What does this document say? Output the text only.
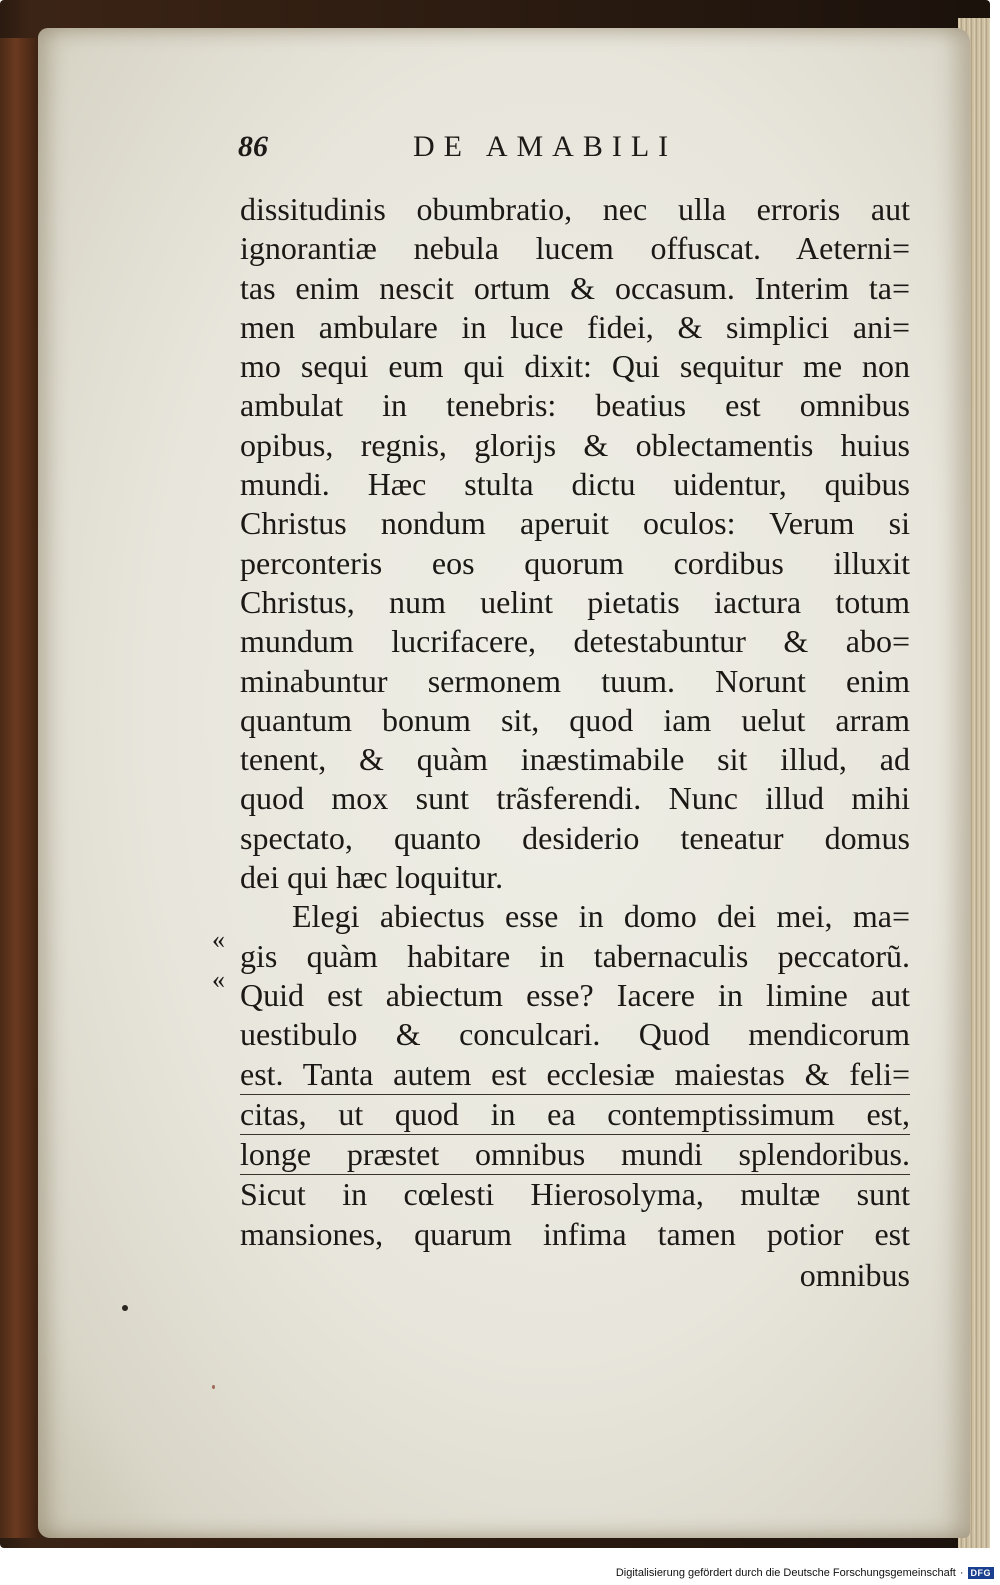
86	DE AMABILI
«
«
dissitudinis obumbratio, nec ulla erroris aut
ignorantiæ nebula lucem offuscat. Aeterni=
tas enim nescit ortum & occasum. Interim ta=
men ambulare in luce fidei, & simplici ani=
mo sequi eum qui dixit: Qui sequitur me non
ambulat in tenebris: beatius est omnibus
opibus, regnis, glorijs & oblectamentis huius
mundi. Hæc stulta dictu uidentur, quibus
Christus nondum aperuit oculos: Verum si
perconteris eos quorum cordibus illuxit
Christus, num uelint pietatis iactura totum
mundum lucrifacere, detestabuntur & abo=
minabuntur sermonem tuum. Norunt enim
quantum bonum sit, quod iam uelut arram
tenent, & quàm inæstimabile sit illud, ad
quod mox sunt trãsferendi. Nunc illud mihi
spectato, quanto desiderio teneatur domus
dei qui hæc loquitur.
Elegi abiectus esse in domo dei mei, ma=
gis quàm habitare in tabernaculis peccatorũ.
Quid est abiectum esse? Iacere in limine aut
uestibulo & conculcari. Quod mendicorum
est. Tanta autem est ecclesiæ maiestas & feli=
citas, ut quod in ea contemptissimum est,
longe præstet omnibus mundi splendoribus.
Sicut in cœlesti Hierosolyma, multæ sunt
mansiones, quarum infima tamen potior est
omnibus
Digitalisierung gefördert durch die Deutsche Forschungsgemeinschaft · DFG
